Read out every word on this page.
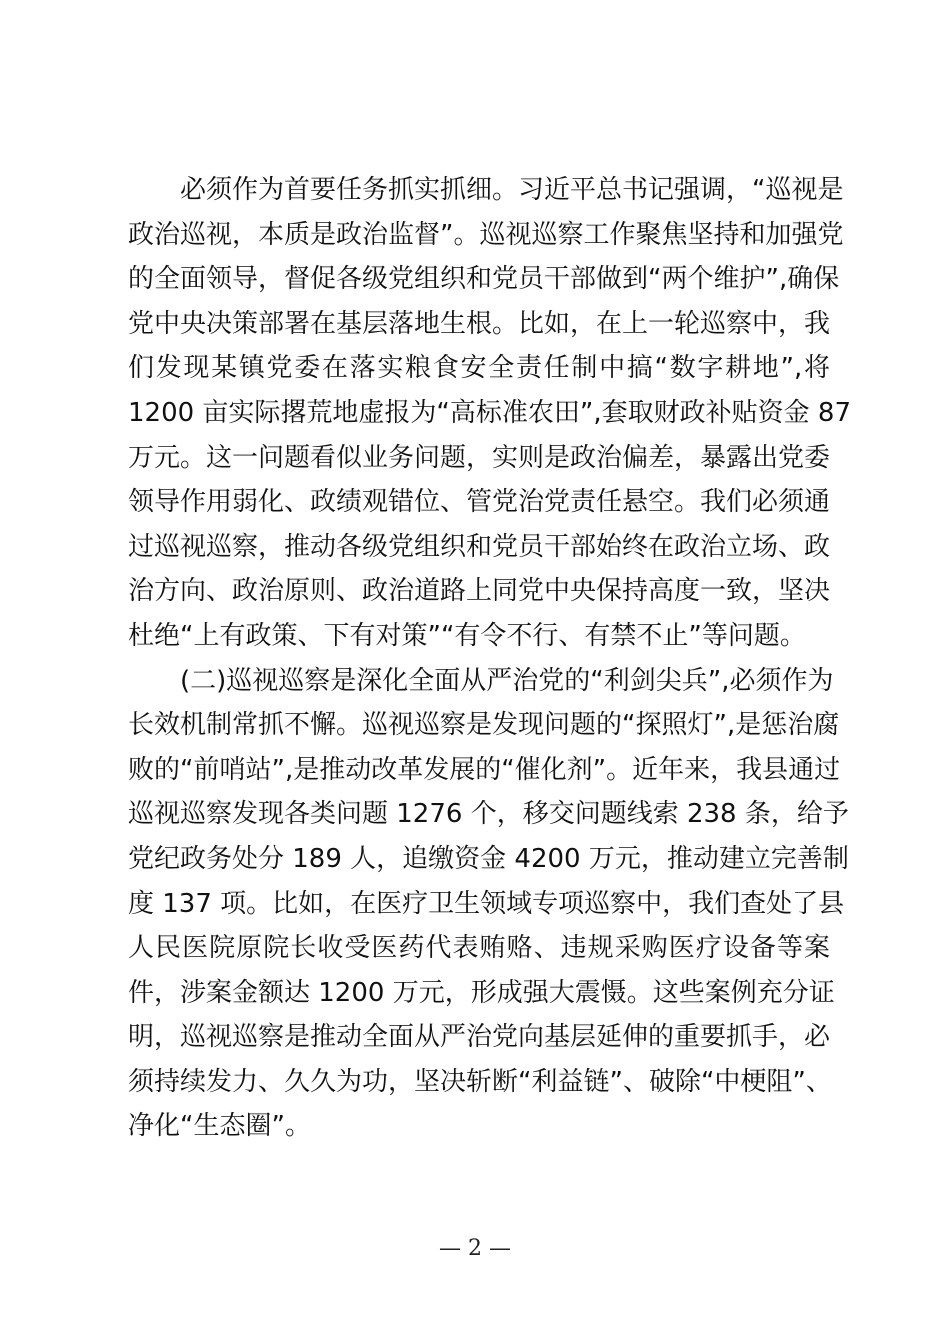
必须作为首要任务抓实抓细。习近平总书记强调，“巡视是
政治巡视，本质是政治监督”。巡视巡察工作聚焦坚持和加强党
的全面领导，督促各级党组织和党员干部做到“两个维护”,确保
党中央决策部署在基层落地生根。比如，在上一轮巡察中，我
们发现某镇党委在落实粮食安全责任制中搞“数字耕地”,将
1200 亩实际撂荒地虚报为“高标准农田”,套取财政补贴资金 87
万元。这一问题看似业务问题，实则是政治偏差，暴露出党委
领导作用弱化、政绩观错位、管党治党责任悬空。我们必须通
过巡视巡察，推动各级党组织和党员干部始终在政治立场、政
治方向、政治原则、政治道路上同党中央保持高度一致，坚决
杜绝“上有政策、下有对策”“有令不行、有禁不止”等问题。
(二)巡视巡察是深化全面从严治党的“利剑尖兵”,必须作为
长效机制常抓不懈。巡视巡察是发现问题的“探照灯”,是惩治腐
败的“前哨站”,是推动改革发展的“催化剂”。近年来，我县通过
巡视巡察发现各类问题 1276 个，移交问题线索 238 条，给予
党纪政务处分 189 人，追缴资金 4200 万元，推动建立完善制
度 137 项。比如，在医疗卫生领域专项巡察中，我们查处了县
人民医院原院长收受医药代表贿赂、违规采购医疗设备等案
件，涉案金额达 1200 万元，形成强大震慑。这些案例充分证
明，巡视巡察是推动全面从严治党向基层延伸的重要抓手，必
须持续发力、久久为功，坚决斩断“利益链”、破除“中梗阻”、
净化“生态圈”。
— 2 —
